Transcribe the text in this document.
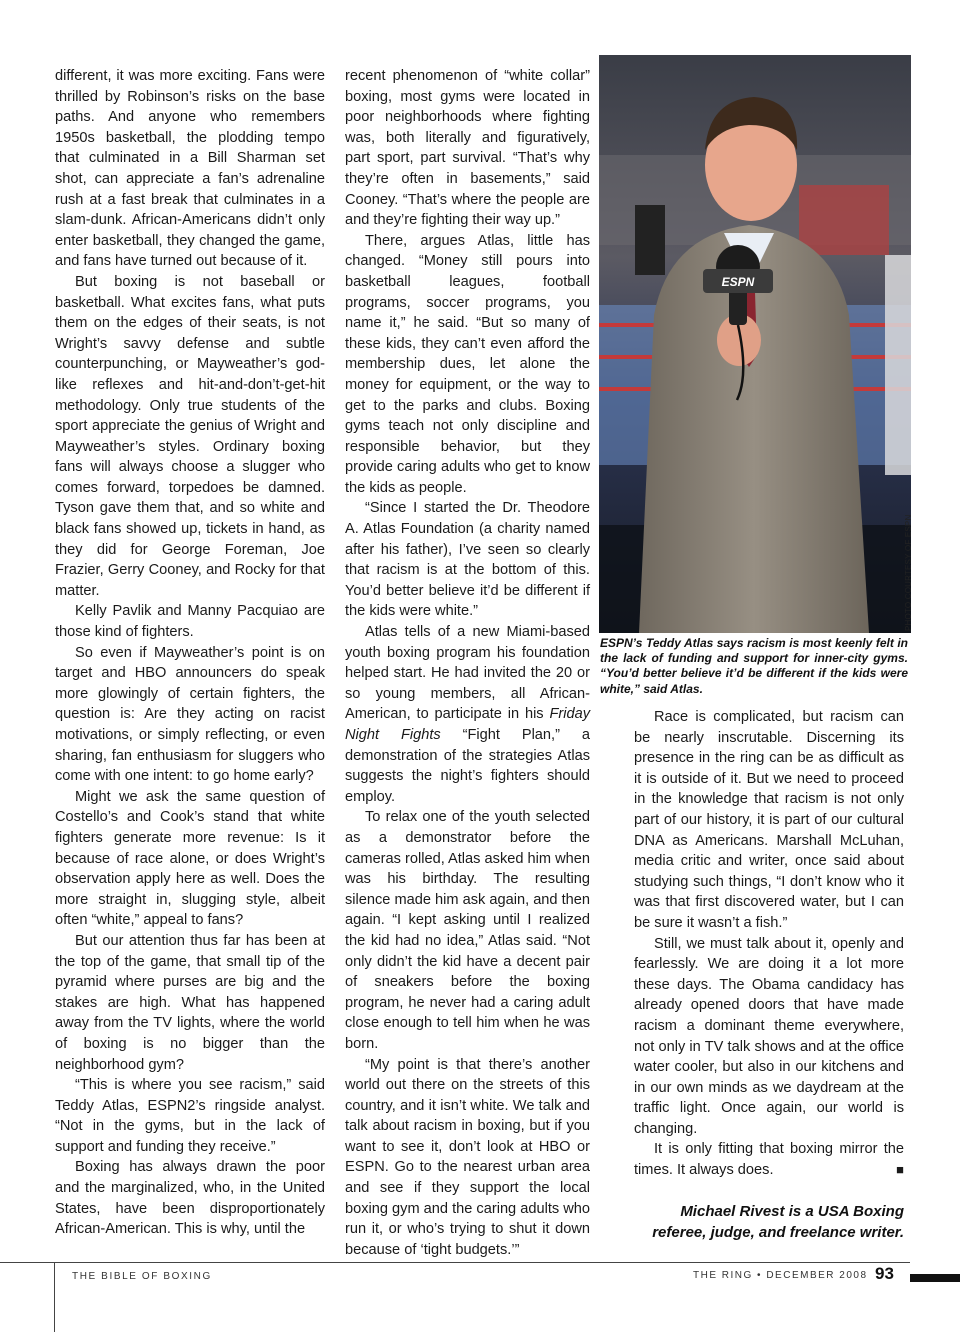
different, it was more exciting. Fans were thrilled by Robinson’s risks on the base paths. And anyone who remembers 1950s basketball, the plodding tempo that culminated in a Bill Sharman set shot, can appreciate a fan’s adrenaline rush at a fast break that culminates in a slam-dunk. African-Americans didn’t only enter basketball, they changed the game, and fans have turned out because of it.

But boxing is not baseball or basketball. What excites fans, what puts them on the edges of their seats, is not Wright’s savvy defense and subtle counterpunching, or Mayweather’s god-like reflexes and hit-and-don’t-get-hit methodology. Only true students of the sport appreciate the genius of Wright and Mayweather’s styles. Ordinary boxing fans will always choose a slugger who comes forward, torpedoes be damned. Tyson gave them that, and so white and black fans showed up, tickets in hand, as they did for George Foreman, Joe Frazier, Gerry Cooney, and Rocky for that matter.

Kelly Pavlik and Manny Pacquiao are those kind of fighters.

So even if Mayweather’s point is on target and HBO announcers do speak more glowingly of certain fighters, the question is: Are they acting on racist motivations, or simply reflecting, or even sharing, fan enthusiasm for sluggers who come with one intent: to go home early?

Might we ask the same question of Costello’s and Cook’s stand that white fighters generate more revenue: Is it because of race alone, or does Wright’s observation apply here as well. Does the more straight in, slugging style, albeit often “white,” appeal to fans?

But our attention thus far has been at the top of the game, that small tip of the pyramid where purses are big and the stakes are high. What has happened away from the TV lights, where the world of boxing is no bigger than the neighborhood gym?

“This is where you see racism,” said Teddy Atlas, ESPN2’s ringside analyst. “Not in the gyms, but in the lack of support and funding they receive.”

Boxing has always drawn the poor and the marginalized, who, in the United States, have been disproportionately African-American. This is why, until the

recent phenomenon of “white collar” boxing, most gyms were located in poor neighborhoods where fighting was, both literally and figuratively, part sport, part survival. “That’s why they’re often in basements,” said Cooney. “That’s where the people are and they’re fighting their way up.”

There, argues Atlas, little has changed. “Money still pours into basketball leagues, football programs, soccer programs, you name it,” he said. “But so many of these kids, they can’t even afford the membership dues, let alone the money for equipment, or the way to get to the parks and clubs. Boxing gyms teach not only discipline and responsible behavior, but they provide caring adults who get to know the kids as people.

“Since I started the Dr. Theodore A. Atlas Foundation (a charity named after his father), I’ve seen so clearly that racism is at the bottom of this. You’d better believe it’d be different if the kids were white.”

Atlas tells of a new Miami-based youth boxing program his foundation helped start. He had invited the 20 or so young members, all African-American, to participate in his Friday Night Fights “Fight Plan,” a demonstration of the strategies Atlas suggests the night’s fighters should employ.

To relax one of the youth selected as a demonstrator before the cameras rolled, Atlas asked him when was his birthday. The resulting silence made him ask again, and then again. “I kept asking until I realized the kid had no idea,” Atlas said. “Not only didn’t the kid have a decent pair of sneakers before the boxing program, he never had a caring adult close enough to tell him when he was born.

“My point is that there’s another world out there on the streets of this country, and it isn’t white. We talk and talk about racism in boxing, but if you want to see it, don’t look at HBO or ESPN. Go to the nearest urban area and see if they support the local boxing gym and the caring adults who run it, or who’s trying to shut it down because of ‘tight budgets.’”

ESPN
PHOTO COURTESY OF ESPN
ESPN’s Teddy Atlas says racism is most keenly felt in the lack of funding and support for inner-city gyms. “You’d better believe it’d be different if the kids were white,” said Atlas.

Race is complicated, but racism can be nearly inscrutable. Discerning its presence in the ring can be as difficult as it is outside of it. But we need to proceed in the knowledge that racism is not only part of our history, it is part of our cultural DNA as Americans. Marshall McLuhan, media critic and writer, once said about studying such things, “I don’t know who it was that first discovered water, but I can be sure it wasn’t a fish.”

Still, we must talk about it, openly and fearlessly. We are doing it a lot more these days. The Obama candidacy has already opened doors that have made racism a dominant theme everywhere, not only in TV talk shows and at the office water cooler, but also in our kitchens and in our own minds as we daydream at the traffic light. Once again, our world is changing.

It is only fitting that boxing mirror the times. It always does. ■

Michael Rivest is a USA Boxing
referee, judge, and freelance writer.
THE BIBLE OF BOXING	THE RING • DECEMBER 2008 93
